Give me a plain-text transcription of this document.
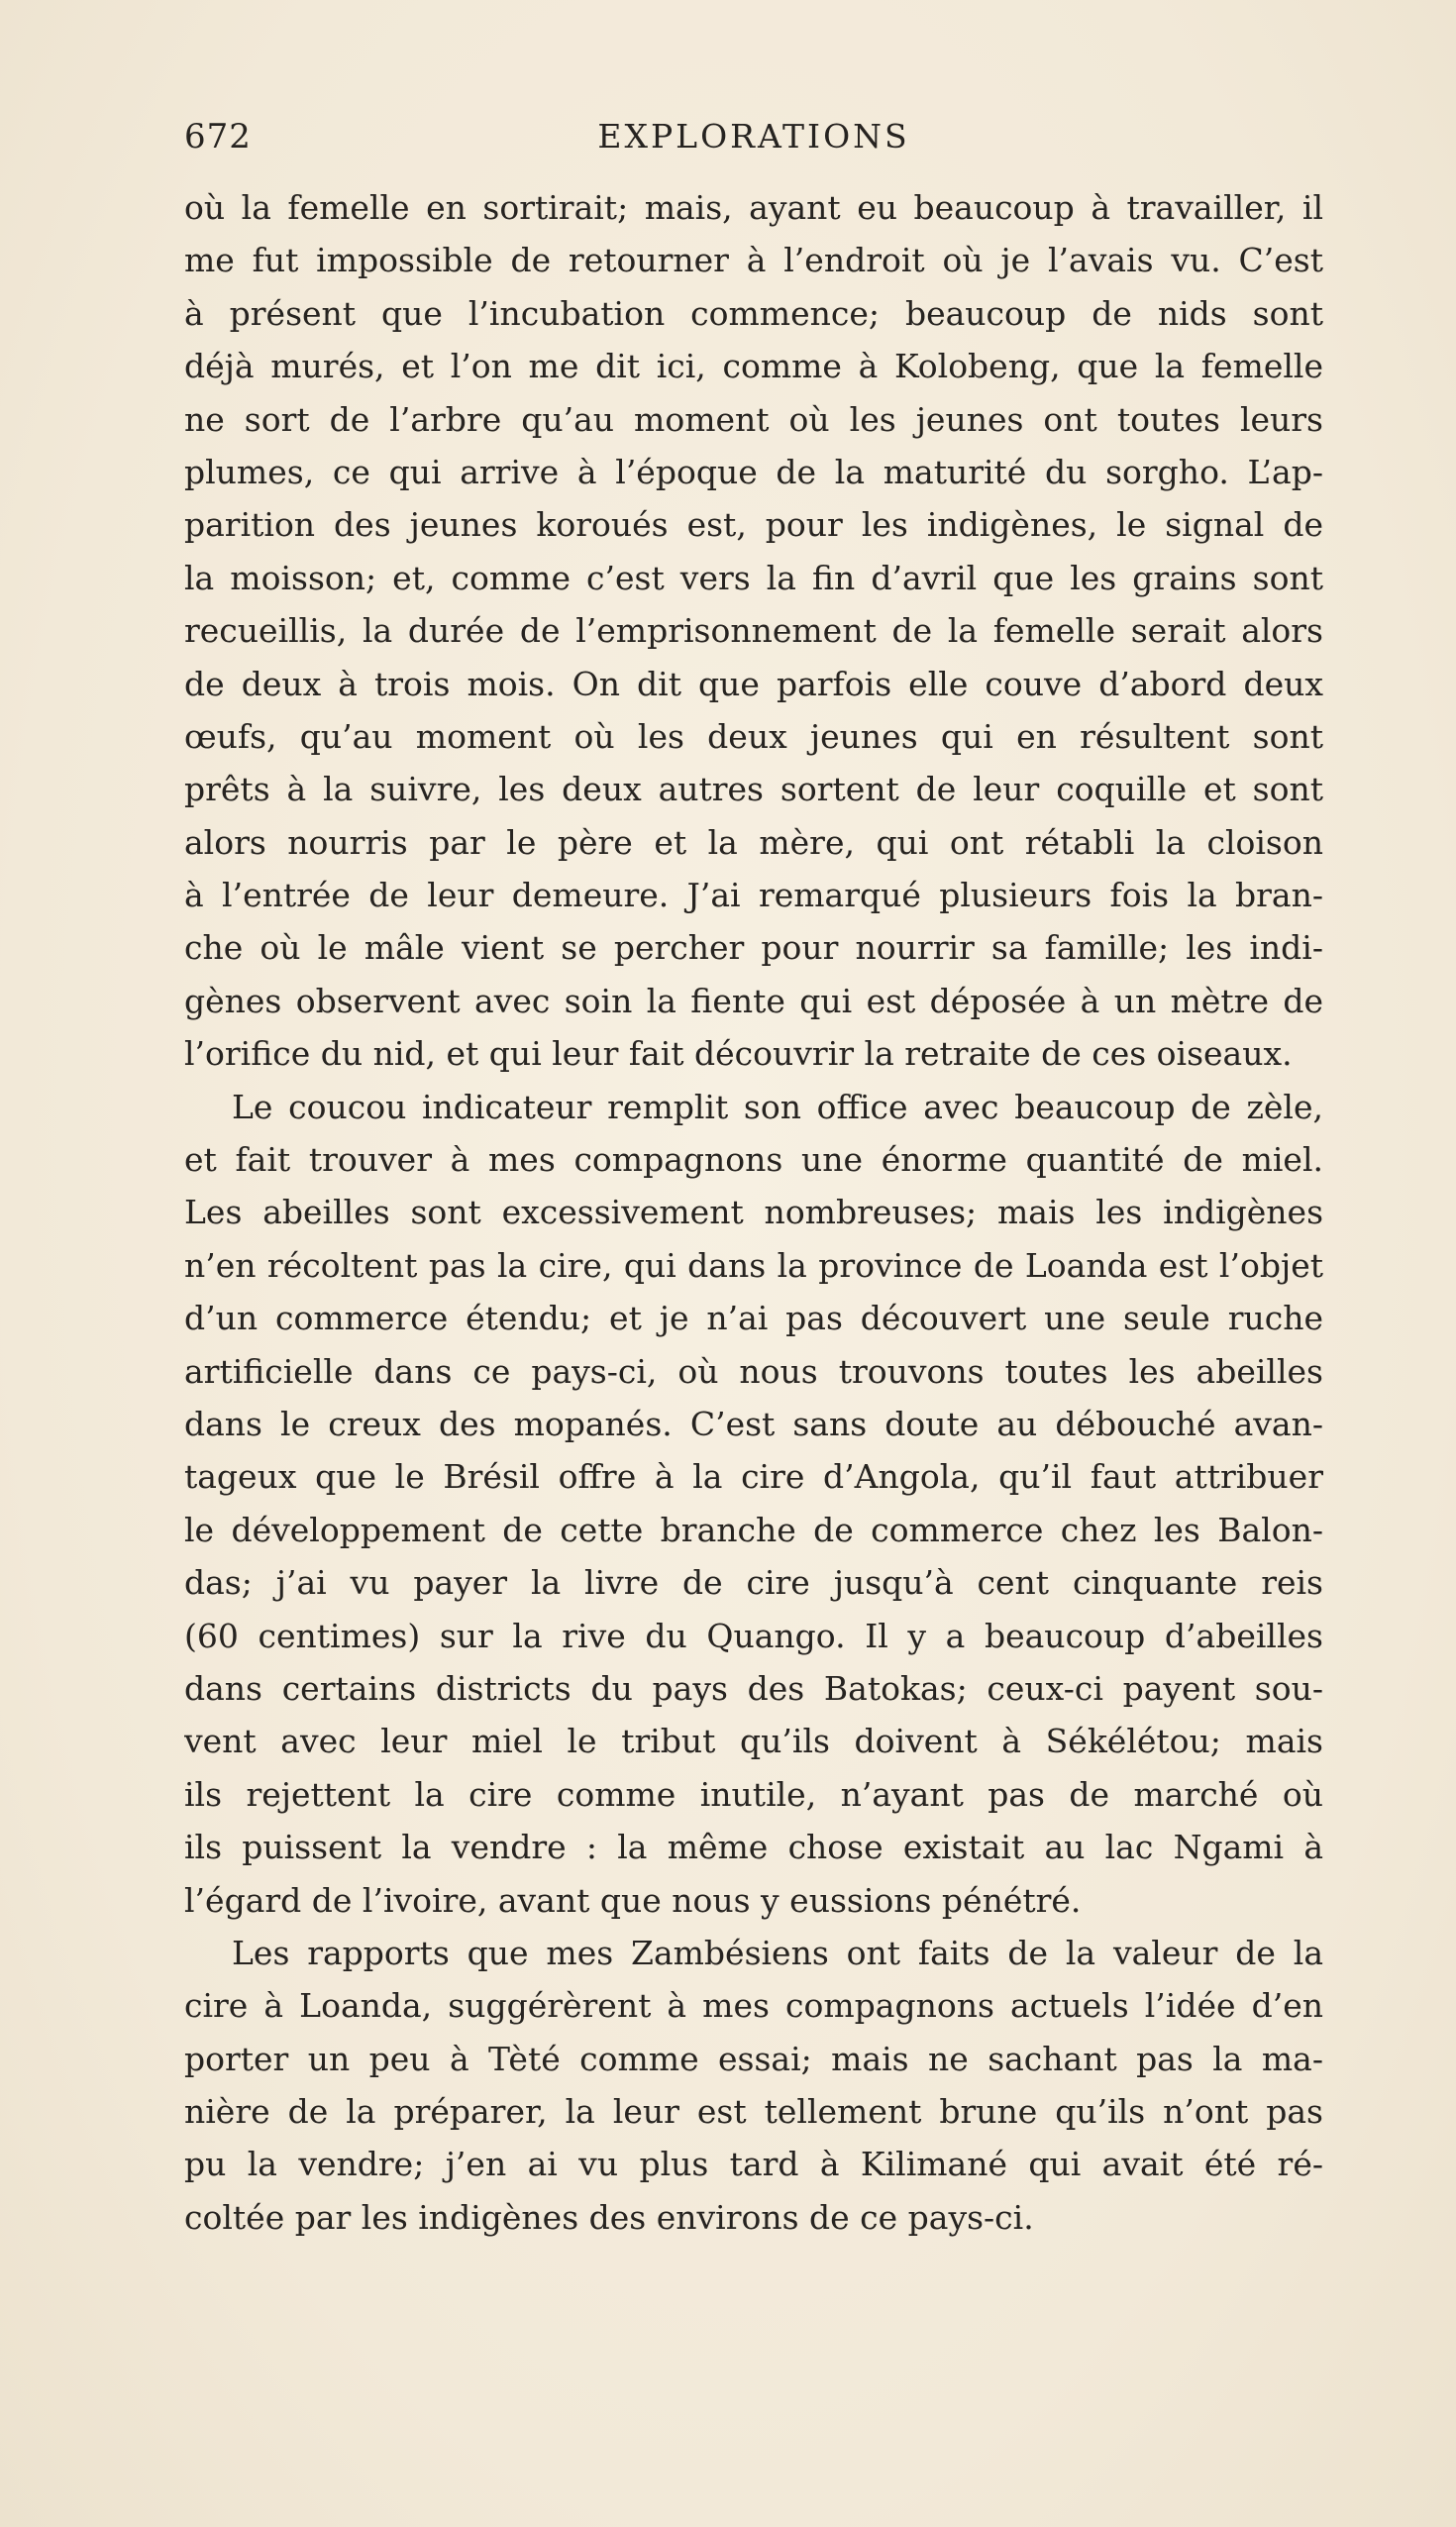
672	EXPLORATIONS
où la femelle en sortirait; mais, ayant eu beaucoup à travailler, il
me fut impossible de retourner à l’endroit où je l’avais vu. C’est
à présent que l’incubation commence; beaucoup de nids sont
déjà murés, et l’on me dit ici, comme à Kolobeng, que la femelle
ne sort de l’arbre qu’au moment où les jeunes ont toutes leurs
plumes, ce qui arrive à l’époque de la maturité du sorgho. L’ap-
parition des jeunes koroués est, pour les indigènes, le signal de
la moisson; et, comme c’est vers la fin d’avril que les grains sont
recueillis, la durée de l’emprisonnement de la femelle serait alors
de deux à trois mois. On dit que parfois elle couve d’abord deux
œufs, qu’au moment où les deux jeunes qui en résultent sont
prêts à la suivre, les deux autres sortent de leur coquille et sont
alors nourris par le père et la mère, qui ont rétabli la cloison
à l’entrée de leur demeure. J’ai remarqué plusieurs fois la bran-
che où le mâle vient se percher pour nourrir sa famille; les indi-
gènes observent avec soin la fiente qui est déposée à un mètre de
l’orifice du nid, et qui leur fait découvrir la retraite de ces oiseaux.
Le coucou indicateur remplit son office avec beaucoup de zèle,
et fait trouver à mes compagnons une énorme quantité de miel.
Les abeilles sont excessivement nombreuses; mais les indigènes
n’en récoltent pas la cire, qui dans la province de Loanda est l’objet
d’un commerce étendu; et je n’ai pas découvert une seule ruche
artificielle dans ce pays-ci, où nous trouvons toutes les abeilles
dans le creux des mopanés. C’est sans doute au débouché avan-
tageux que le Brésil offre à la cire d’Angola, qu’il faut attribuer
le développement de cette branche de commerce chez les Balon-
das; j’ai vu payer la livre de cire jusqu’à cent cinquante reis
(60 centimes) sur la rive du Quango. Il y a beaucoup d’abeilles
dans certains districts du pays des Batokas; ceux-ci payent sou-
vent avec leur miel le tribut qu’ils doivent à Sékélétou; mais
ils rejettent la cire comme inutile, n’ayant pas de marché où
ils puissent la vendre : la même chose existait au lac Ngami à
l’égard de l’ivoire, avant que nous y eussions pénétré.
Les rapports que mes Zambésiens ont faits de la valeur de la
cire à Loanda, suggérèrent à mes compagnons actuels l’idée d’en
porter un peu à Tèté comme essai; mais ne sachant pas la ma-
nière de la préparer, la leur est tellement brune qu’ils n’ont pas
pu la vendre; j’en ai vu plus tard à Kilimané qui avait été ré-
coltée par les indigènes des environs de ce pays-ci.
